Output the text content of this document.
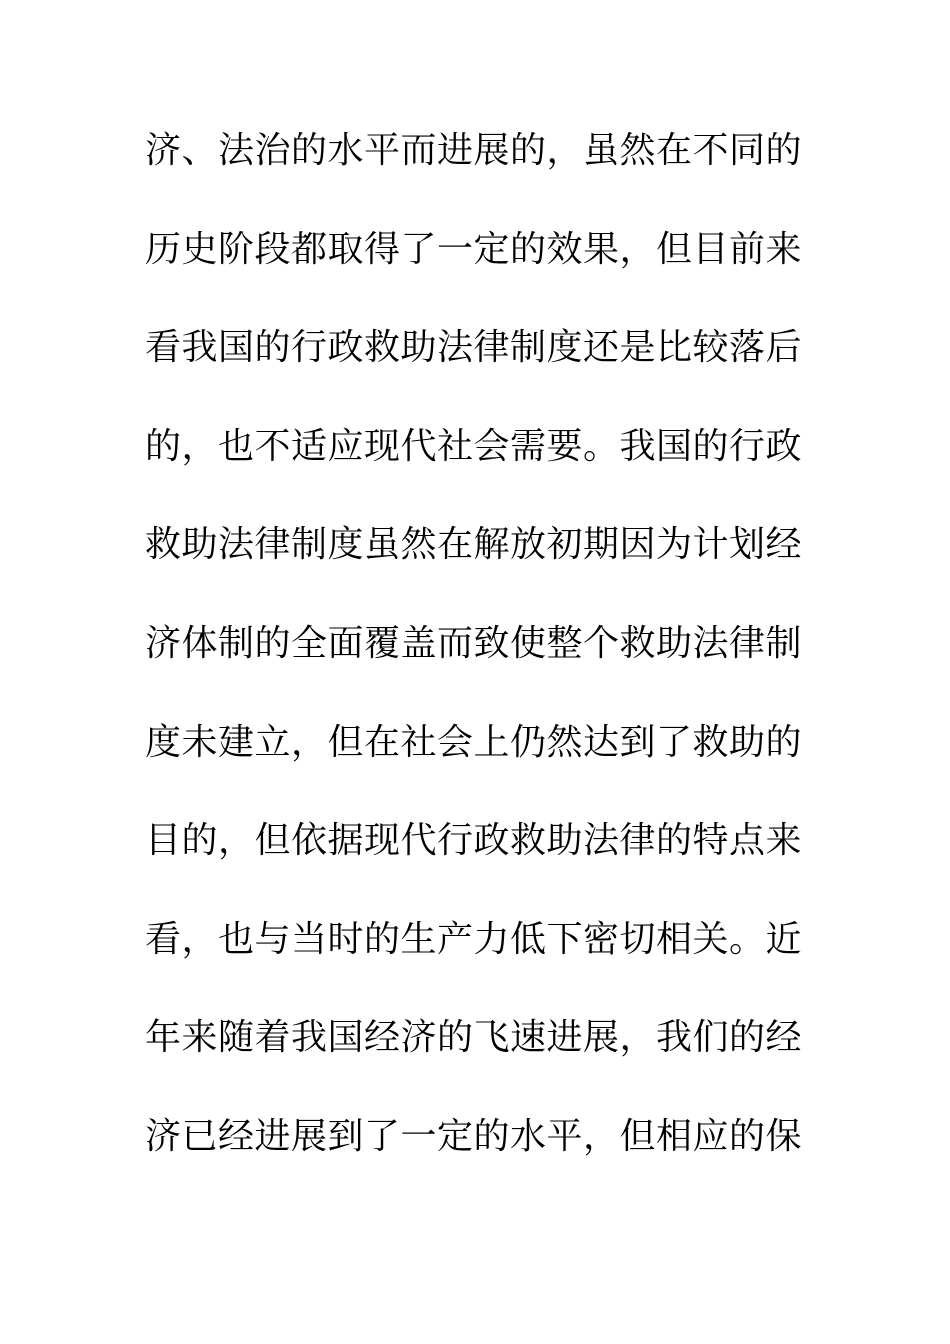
济、法治的水平而进展的，虽然在不同的
历史阶段都取得了一定的效果，但目前来
看我国的行政救助法律制度还是比较落后
的，也不适应现代社会需要。我国的行政
救助法律制度虽然在解放初期因为计划经
济体制的全面覆盖而致使整个救助法律制
度未建立，但在社会上仍然达到了救助的
目的，但依据现代行政救助法律的特点来
看，也与当时的生产力低下密切相关。近
年来随着我国经济的飞速进展，我们的经
济已经进展到了一定的水平，但相应的保
